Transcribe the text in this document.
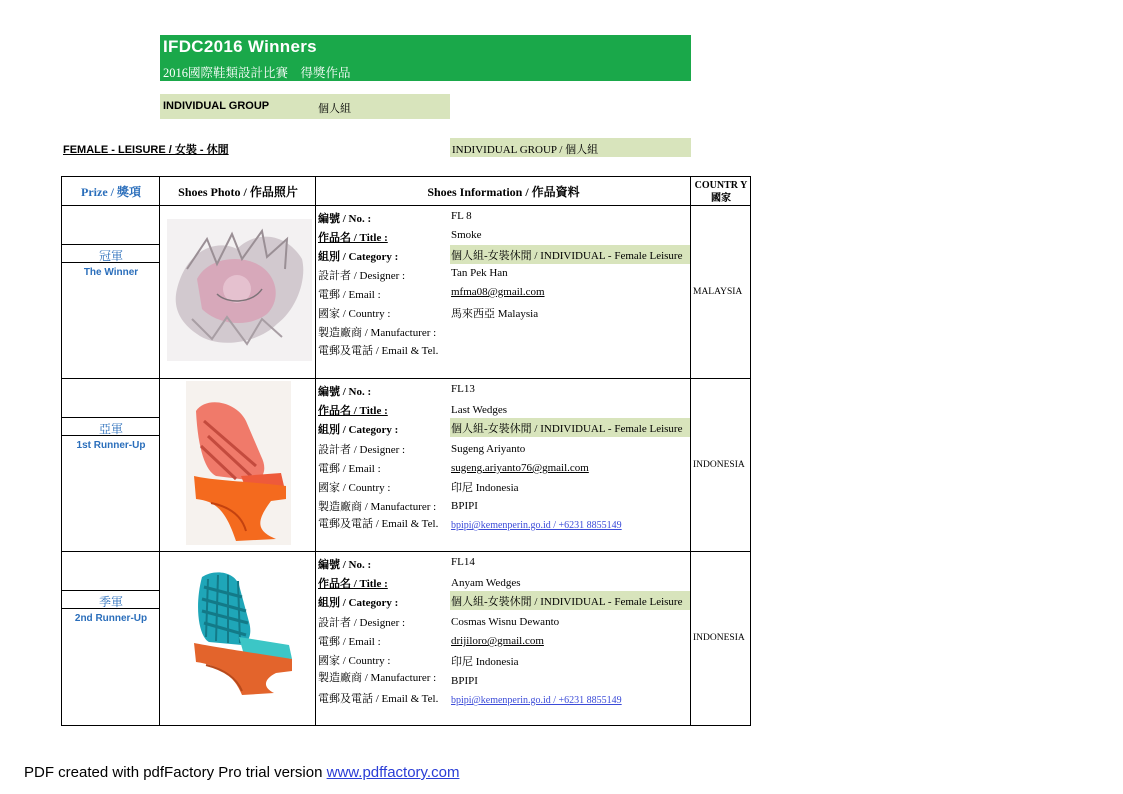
IFDC2016 Winners
2016國際鞋類設計比賽　得獎作品
INDIVIDUAL GROUP	個人組
FEMALE - LEISURE / 女裝 - 休閒	INDIVIDUAL GROUP / 個人組
Prize / 獎項	Shoes Photo / 作品照片	Shoes Information / 作品資料	COUNTR Y 國家
冠軍
The Winner
編號 / No. :	FL 8
作品名 / Title :	Smoke
組別 / Category :	個人組-女裝休閒 / INDIVIDUAL - Female Leisure
設計者 / Designer :	Tan Pek Han
電郵 / Email :	mfma08@gmail.com
國家 / Country :	馬來西亞 Malaysia
製造廠商 / Manufacturer :
電郵及電話 / Email & Tel.
MALAYSIA
亞軍
1st Runner-Up
編號 / No. :	FL13
作品名 / Title :	Last Wedges
組別 / Category :	個人組-女裝休閒 / INDIVIDUAL - Female Leisure
設計者 / Designer :	Sugeng Ariyanto
電郵 / Email :	sugeng.ariyanto76@gmail.com
國家 / Country :	印尼 Indonesia
製造廠商 / Manufacturer : BPIPI
電郵及電話 / Email & Tel. bpipi@kemenperin.go.id / +6231 8855149
INDONESIA
季軍
2nd Runner-Up
編號 / No. :	FL14
作品名 / Title :	Anyam Wedges
組別 / Category :	個人組-女裝休閒 / INDIVIDUAL - Female Leisure
設計者 / Designer :	Cosmas Wisnu Dewanto
電郵 / Email :	drijiloro@gmail.com
國家 / Country :	印尼 Indonesia
製造廠商 / Manufacturer : BPIPI
電郵及電話 / Email & Tel. bpipi@kemenperin.go.id / +6231 8855149
INDONESIA
PDF created with pdfFactory Pro trial version www.pdffactory.com
